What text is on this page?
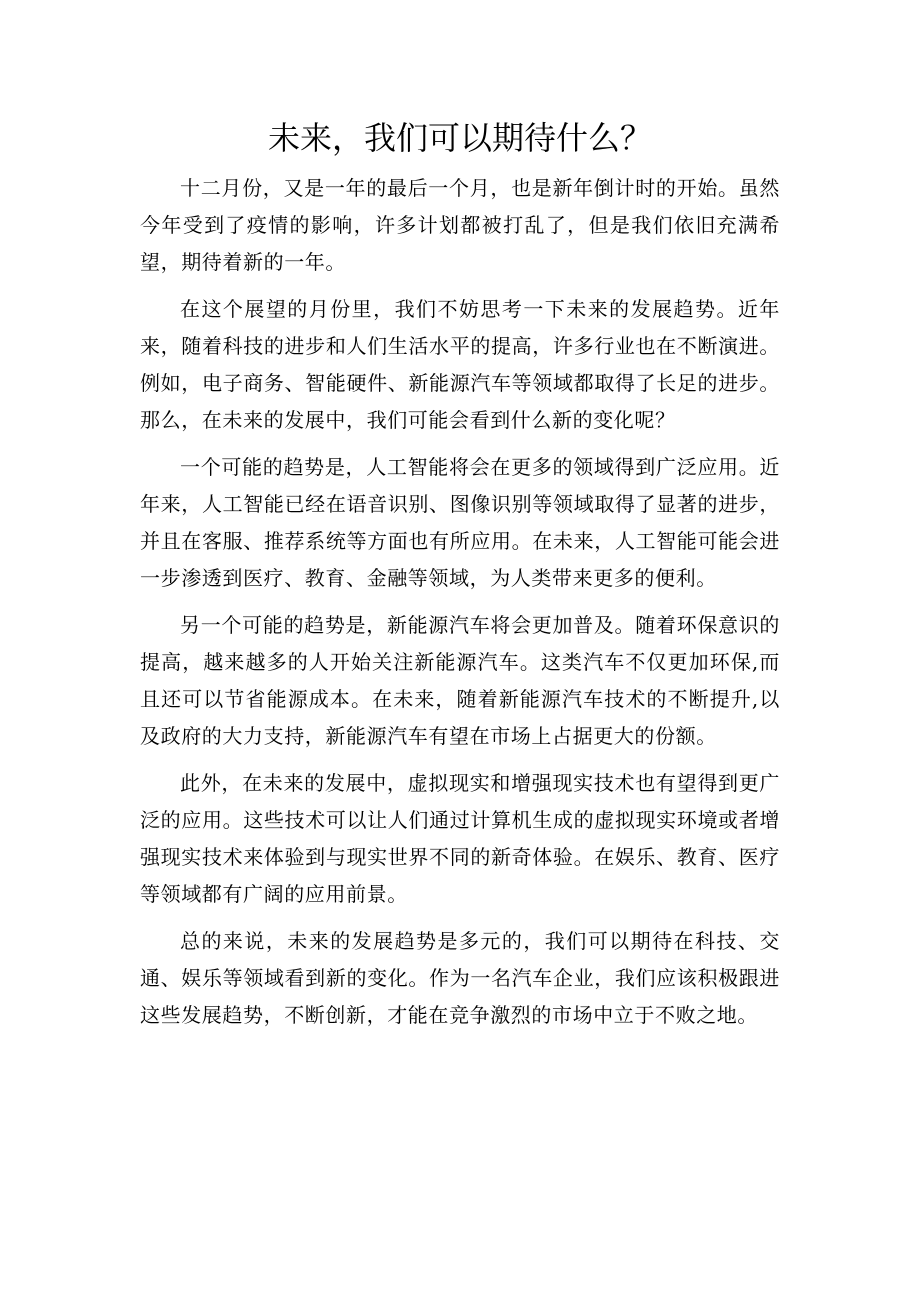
未来，我们可以期待什么？

十二月份，又是一年的最后一个月，也是新年倒计时的开始。虽然今年受到了疫情的影响，许多计划都被打乱了，但是我们依旧充满希望，期待着新的一年。

在这个展望的月份里，我们不妨思考一下未来的发展趋势。近年来，随着科技的进步和人们生活水平的提高，许多行业也在不断演进。例如，电子商务、智能硬件、新能源汽车等领域都取得了长足的进步。那么，在未来的发展中，我们可能会看到什么新的变化呢？

一个可能的趋势是，人工智能将会在更多的领域得到广泛应用。近年来，人工智能已经在语音识别、图像识别等领域取得了显著的进步，并且在客服、推荐系统等方面也有所应用。在未来，人工智能可能会进一步渗透到医疗、教育、金融等领域，为人类带来更多的便利。

另一个可能的趋势是，新能源汽车将会更加普及。随着环保意识的提高，越来越多的人开始关注新能源汽车。这类汽车不仅更加环保,而且还可以节省能源成本。在未来，随着新能源汽车技术的不断提升,以及政府的大力支持，新能源汽车有望在市场上占据更大的份额。

此外，在未来的发展中，虚拟现实和增强现实技术也有望得到更广泛的应用。这些技术可以让人们通过计算机生成的虚拟现实环境或者增强现实技术来体验到与现实世界不同的新奇体验。在娱乐、教育、医疗等领域都有广阔的应用前景。

总的来说，未来的发展趋势是多元的，我们可以期待在科技、交通、娱乐等领域看到新的变化。作为一名汽车企业，我们应该积极跟进这些发展趋势，不断创新，才能在竞争激烈的市场中立于不败之地。
